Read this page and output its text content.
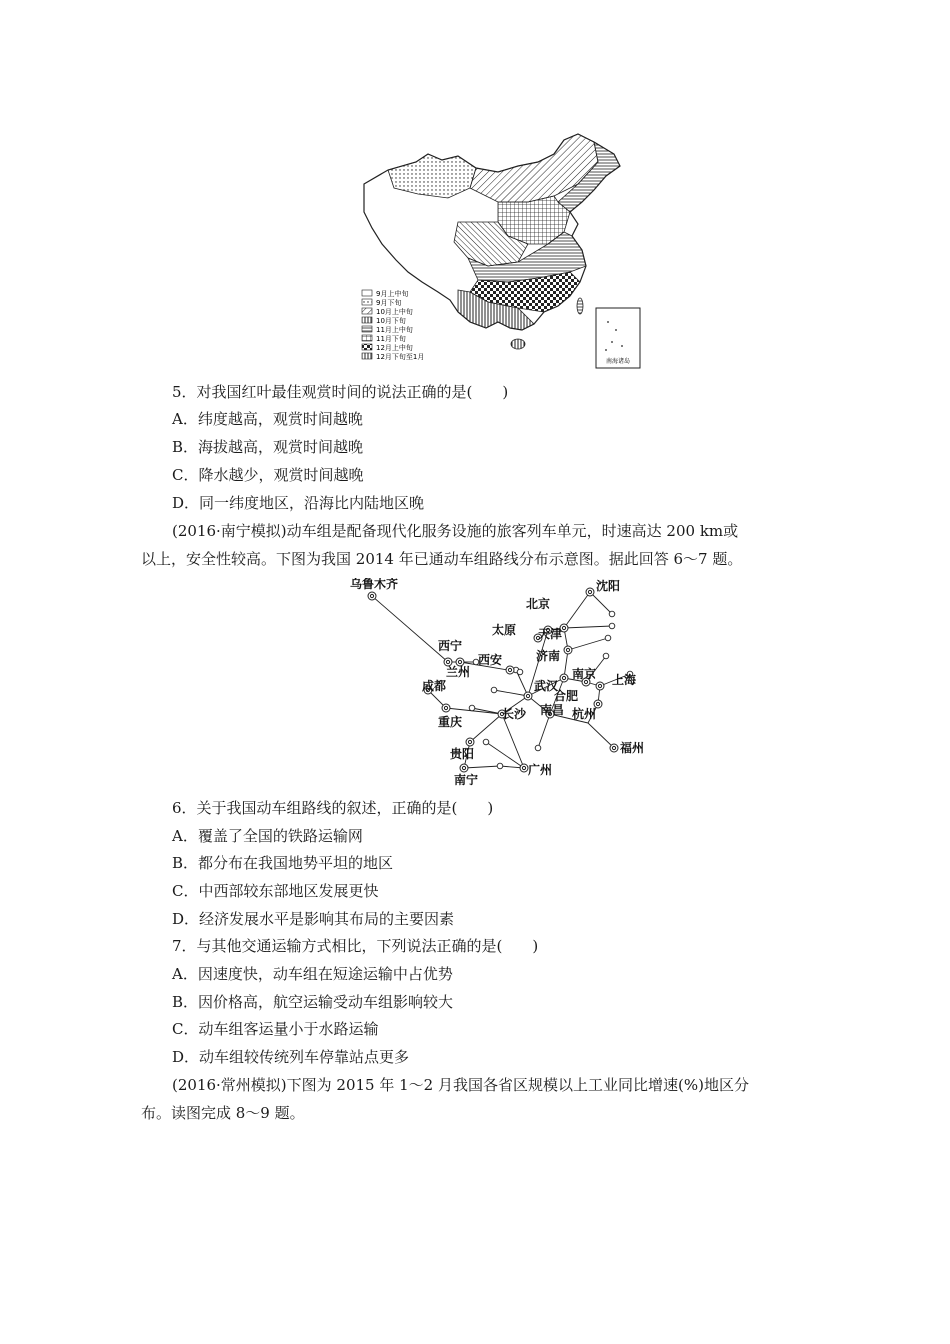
南海诸岛
9月上中旬
9月下旬
10月上中旬
10月下旬
11月上中旬
11月下旬
12月上中旬
12月下旬至1月
5．对我国红叶最佳观赏时间的说法正确的是(　　)
A．纬度越高，观赏时间越晚
B．海拔越高，观赏时间越晚
C．降水越少，观赏时间越晚
D．同一纬度地区，沿海比内陆地区晚
(2016·南宁模拟)动车组是配备现代化服务设施的旅客列车单元，时速高达 200 km或
以上，安全性较高。下图为我国 2014 年已通动车组路线分布示意图。据此回答 6～7 题。
乌鲁木齐	沈阳
北京
太原 天津
西宁
济南
西安
兰州	南京 上海
成都	武汉
合肥
重庆
长沙 南昌 杭州
福州
贵阳
南宁
广州
6．关于我国动车组路线的叙述，正确的是(　　)
A．覆盖了全国的铁路运输网
B．都分布在我国地势平坦的地区
C．中西部较东部地区发展更快
D．经济发展水平是影响其布局的主要因素
7．与其他交通运输方式相比，下列说法正确的是(　　)
A．因速度快，动车组在短途运输中占优势
B．因价格高，航空运输受动车组影响较大
C．动车组客运量小于水路运输
D．动车组较传统列车停靠站点更多
(2016·常州模拟)下图为 2015 年 1～2 月我国各省区规模以上工业同比增速(%)地区分
布。读图完成 8～9 题。
